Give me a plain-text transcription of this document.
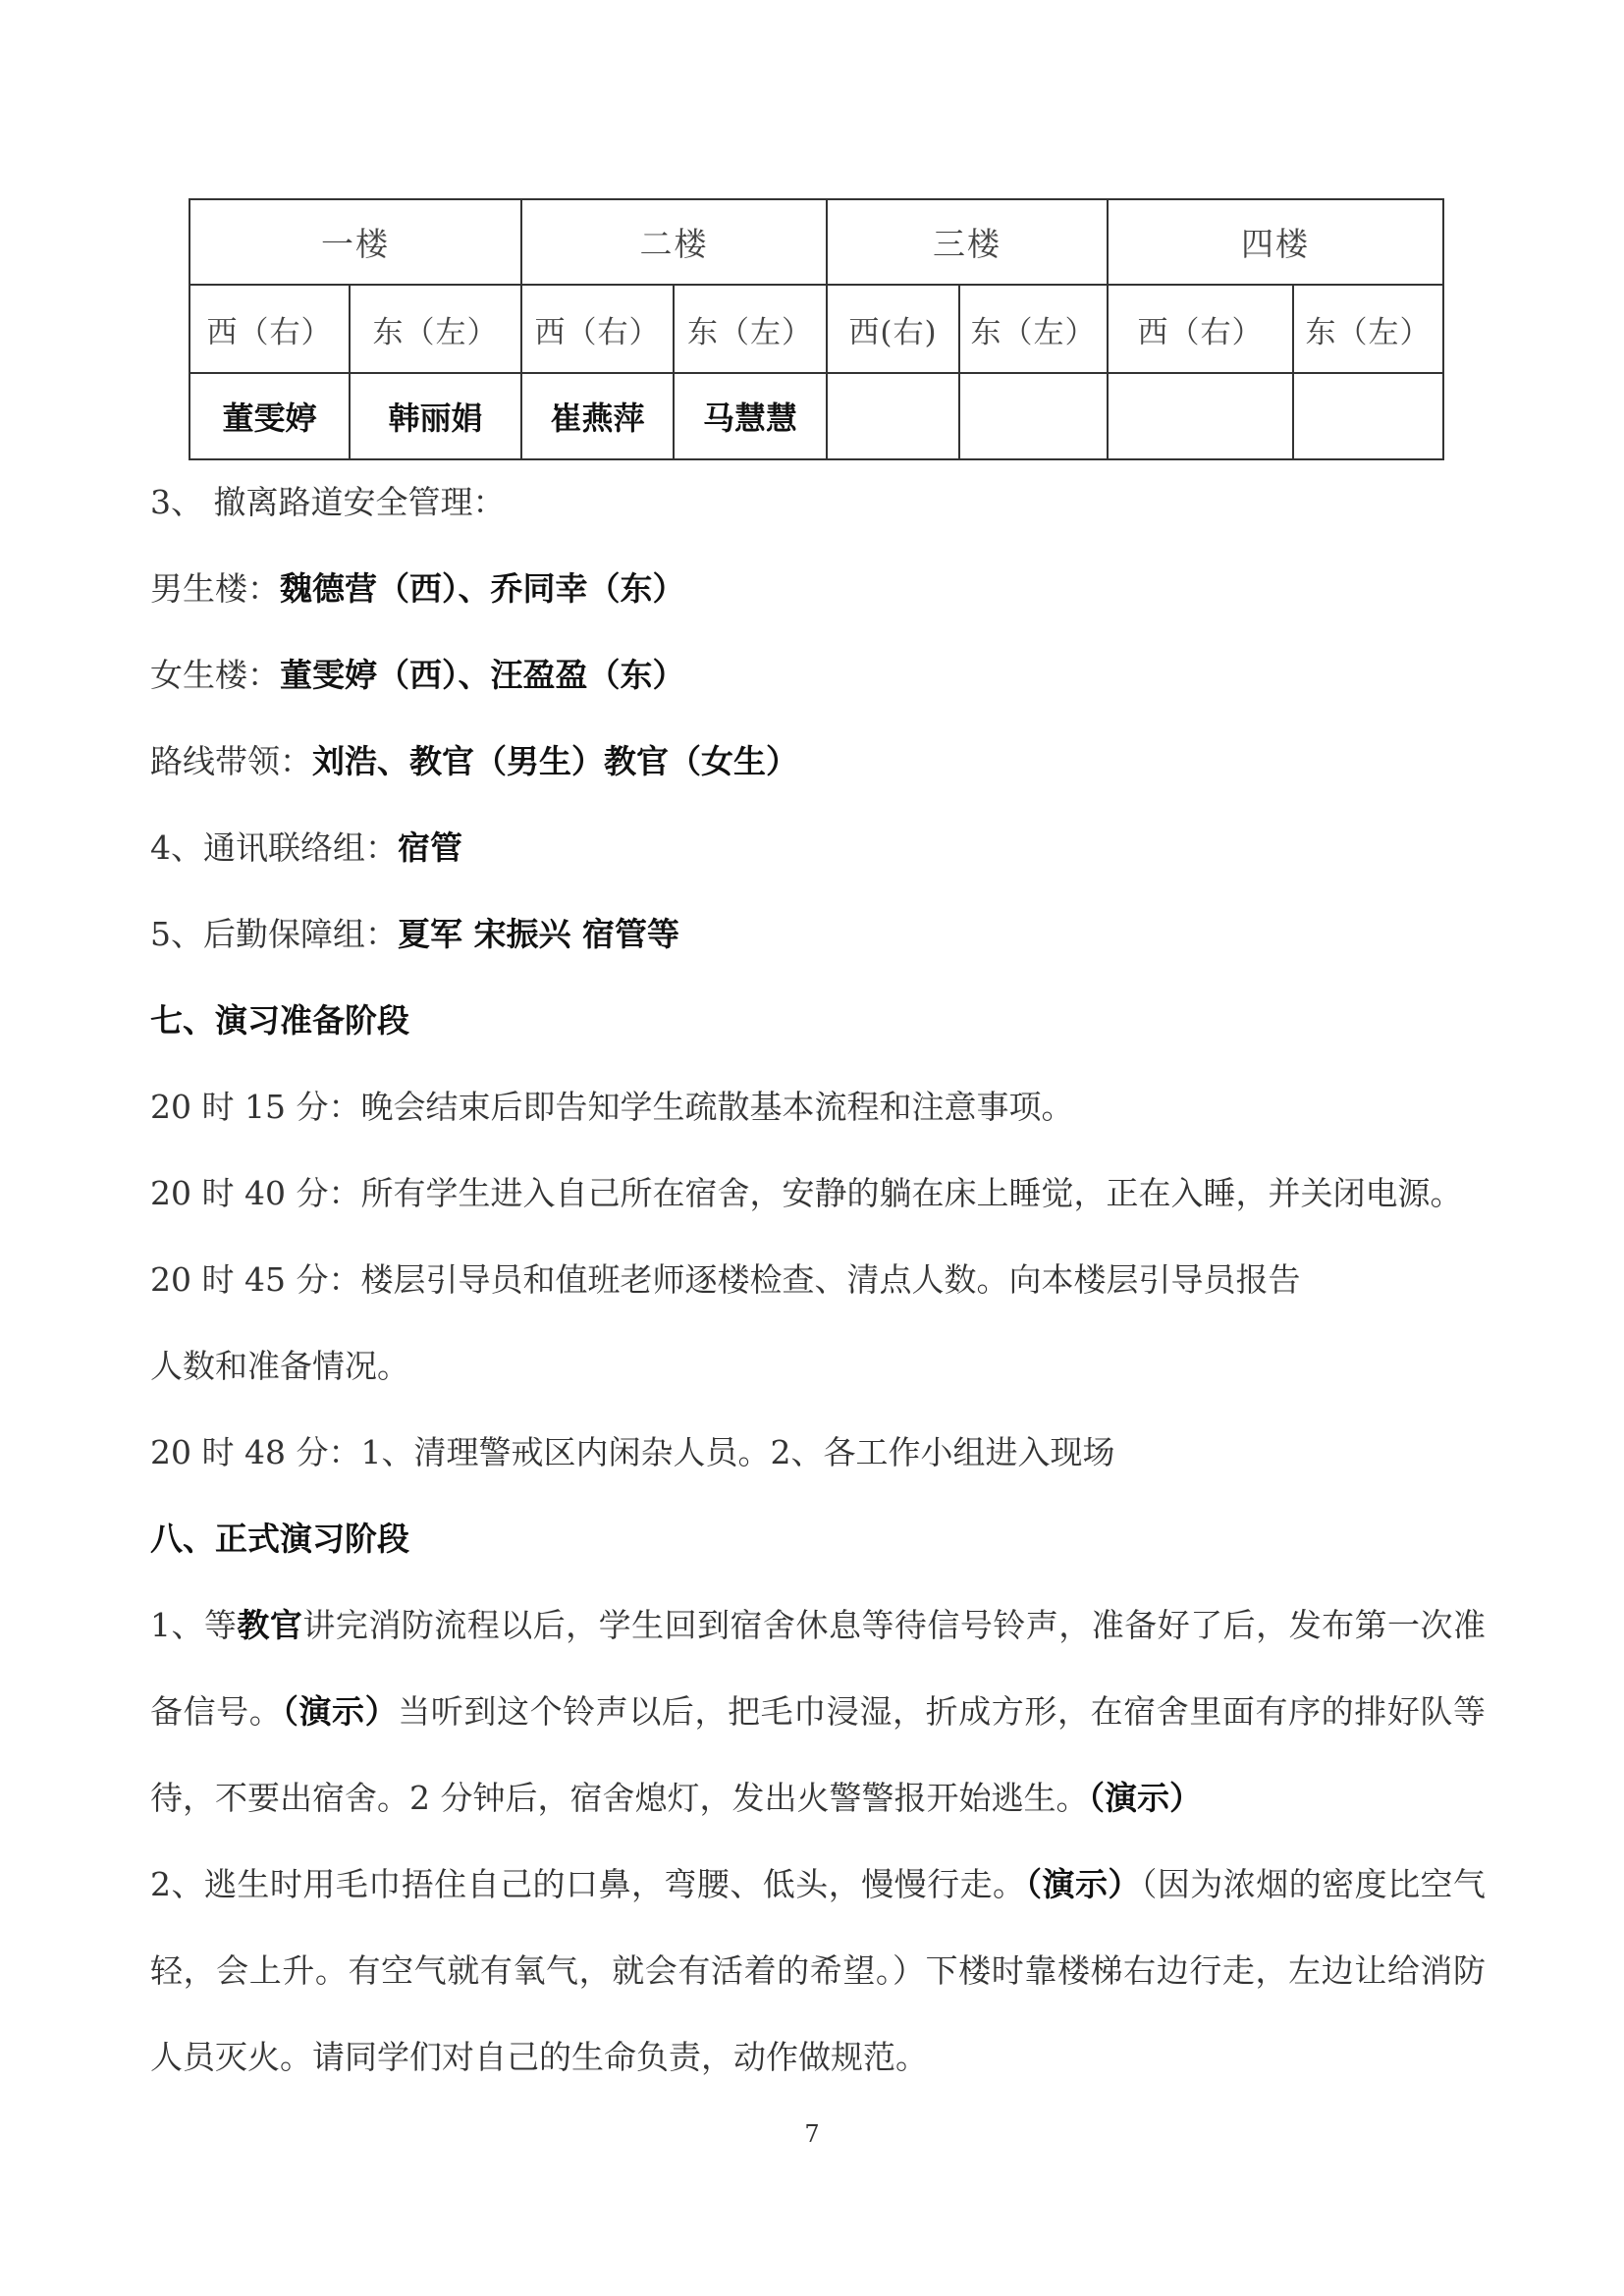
一楼		二楼		三楼		四楼	
西（右）	东（左）	西（右）	东（左）	西(右)	东（左）	西（右）	东（左）
董雯婷	韩丽娟	崔燕萍	马慧慧				
3、 撤离路道安全管理：
男生楼：魏德营（西）、乔同幸（东）
女生楼：董雯婷（西）、汪盈盈（东）
路线带领：刘浩、教官（男生）教官（女生）
4、通讯联络组：宿管
5、后勤保障组：夏军 宋振兴 宿管等
七、演习准备阶段
20 时 15 分：晚会结束后即告知学生疏散基本流程和注意事项。
20 时 40 分：所有学生进入自己所在宿舍，安静的躺在床上睡觉，正在入睡，并关闭电源。
20 时 45 分：楼层引导员和值班老师逐楼检查、清点人数。向本楼层引导员报告
人数和准备情况。
20 时 48 分：1、清理警戒区内闲杂人员。2、各工作小组进入现场
八、正式演习阶段
1、等教官讲完消防流程以后，学生回到宿舍休息等待信号铃声，准备好了后，发布第一次准备信号。（演示）当听到这个铃声以后，把毛巾浸湿，折成方形，在宿舍里面有序的排好队等待，不要出宿舍。2 分钟后，宿舍熄灯，发出火警警报开始逃生。（演示）
2、逃生时用毛巾捂住自己的口鼻，弯腰、低头，慢慢行走。（演示）（因为浓烟的密度比空气轻，会上升。有空气就有氧气，就会有活着的希望。）下楼时靠楼梯右边行走，左边让给消防人员灭火。请同学们对自己的生命负责，动作做规范。
7
